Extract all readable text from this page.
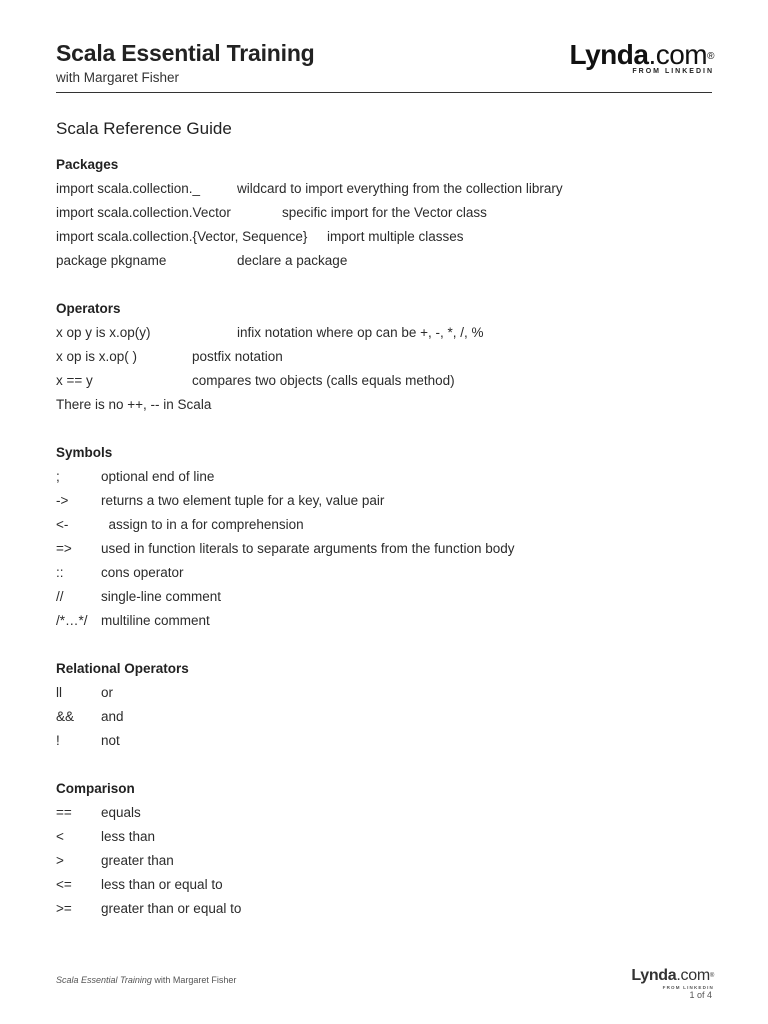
Scala Essential Training
with Margaret Fisher
Lynda.com®
FROM LINKEDIN
Scala Reference Guide
Packages
import scala.collection._	wildcard to import everything from the collection library
import scala.collection.Vector	specific import for the Vector class
import scala.collection.{Vector, Sequence} import multiple classes
package pkgname	declare a package
Operators
x op y is x.op(y)	infix notation where op can be +, -, *, /, %
x op is x.op( )	postfix notation
x == y	compares two objects (calls equals method)
There is no ++, -- in Scala
Symbols
;	optional end of line
-> returns a two element tuple for a key, value pair
<- assign to in a for comprehension
=> used in function literals to separate arguments from the function body
::	cons operator
//	single-line comment
/*…*/ multiline comment
Relational Operators
ll	or
&& and
!	not
Comparison
== equals
<	less than
>	greater than
<= less than or equal to
>= greater than or equal to
Scala Essential Training with Margaret Fisher	Lynda.com®
FROM LINKEDIN
1 of 4
